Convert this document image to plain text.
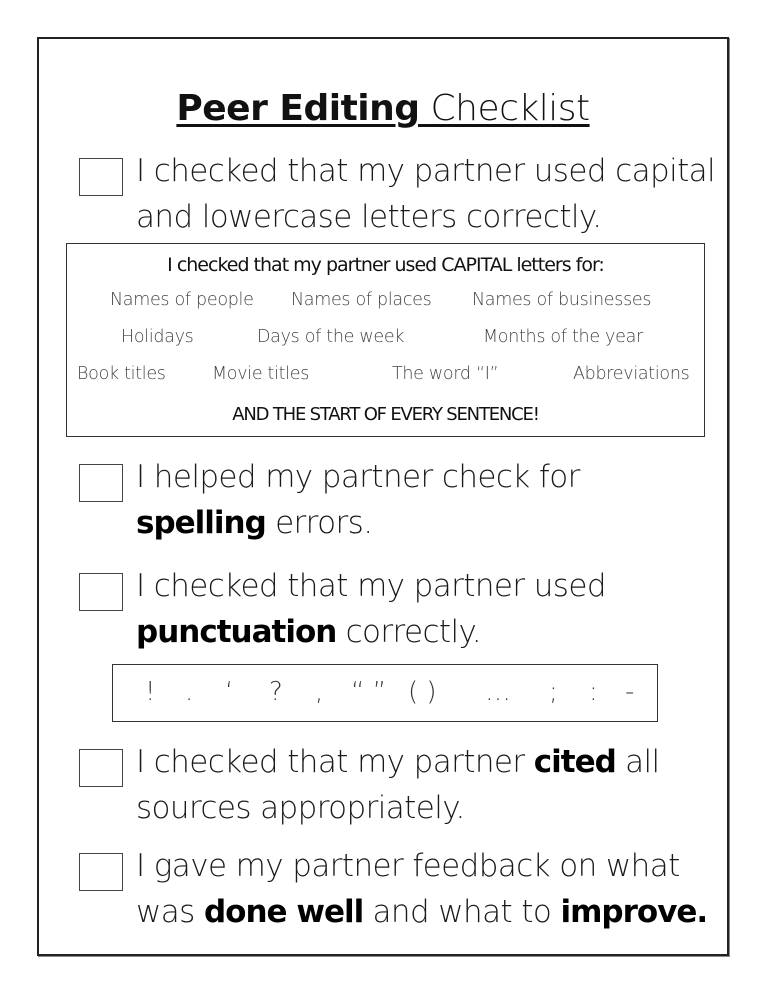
Peer Editing Checklist
I checked that my partner used capital
and lowercase letters correctly.
I checked that my partner used CAPITAL letters for:
Names of people Names of places Names of businesses
Holidays	Days of the week	Months of the year
Book titles	Movie titles	The word “I”	Abbreviations
AND THE START OF EVERY SENTENCE!
I helped my partner check for
spelling errors.
I checked that my partner used
punctuation correctly.
! . ‘ ? , “ ” ( ) … ; : -
I checked that my partner cited all
sources appropriately.
I gave my partner feedback on what
was done well and what to improve.
